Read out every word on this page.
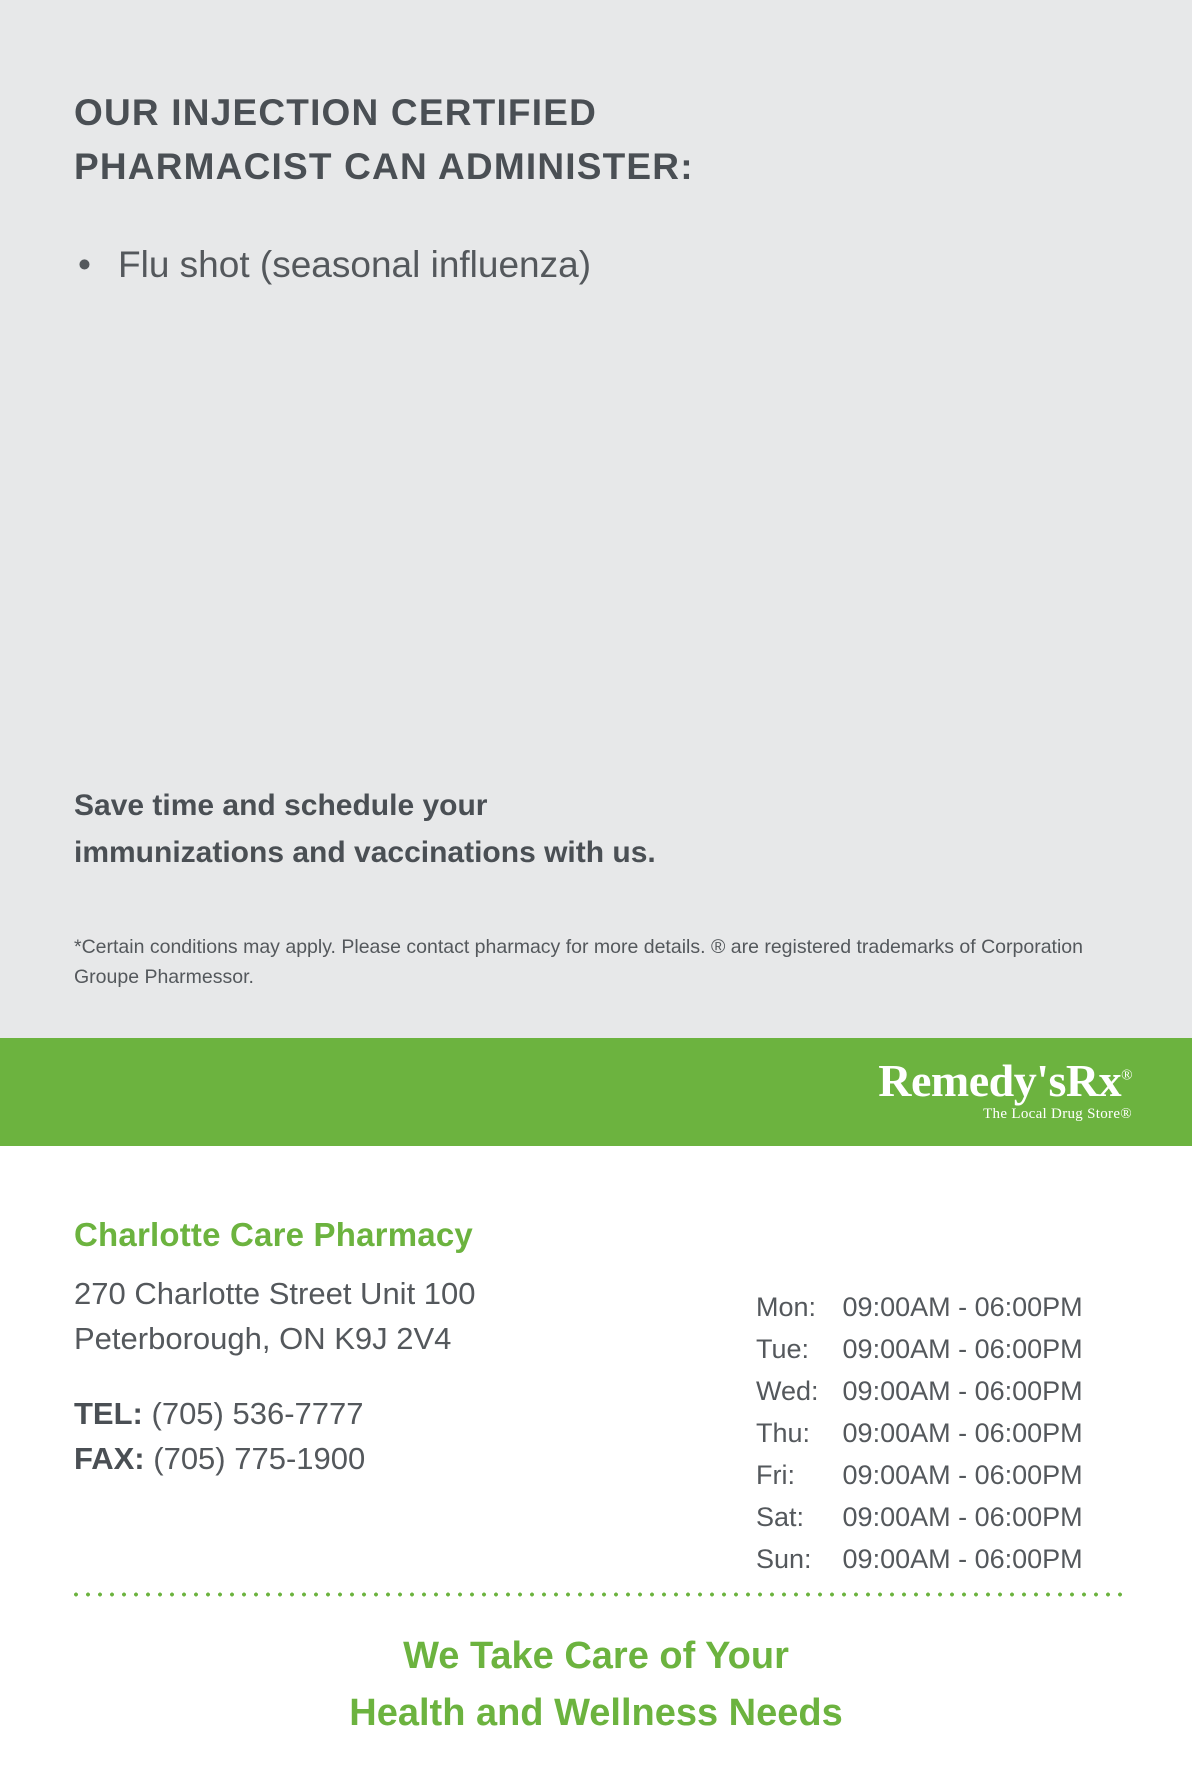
OUR INJECTION CERTIFIED
PHARMACIST CAN ADMINISTER:
• Flu shot (seasonal influenza)
Save time and schedule your
immunizations and vaccinations with us.
*Certain conditions may apply. Please contact pharmacy for more details. ® are registered trademarks of Corporation Groupe Pharmessor.
Remedy'sRx®
The Local Drug Store®
Charlotte Care Pharmacy
270 Charlotte Street Unit 100
Peterborough, ON K9J 2V4
TEL: (705) 536-7777
FAX: (705) 775-1900
Mon:	09:00AM - 06:00PM
Tue:	09:00AM - 06:00PM
Wed:	09:00AM - 06:00PM
Thu:	09:00AM - 06:00PM
Fri:	09:00AM - 06:00PM
Sat:	09:00AM - 06:00PM
Sun:	09:00AM - 06:00PM
We Take Care of Your
Health and Wellness Needs
